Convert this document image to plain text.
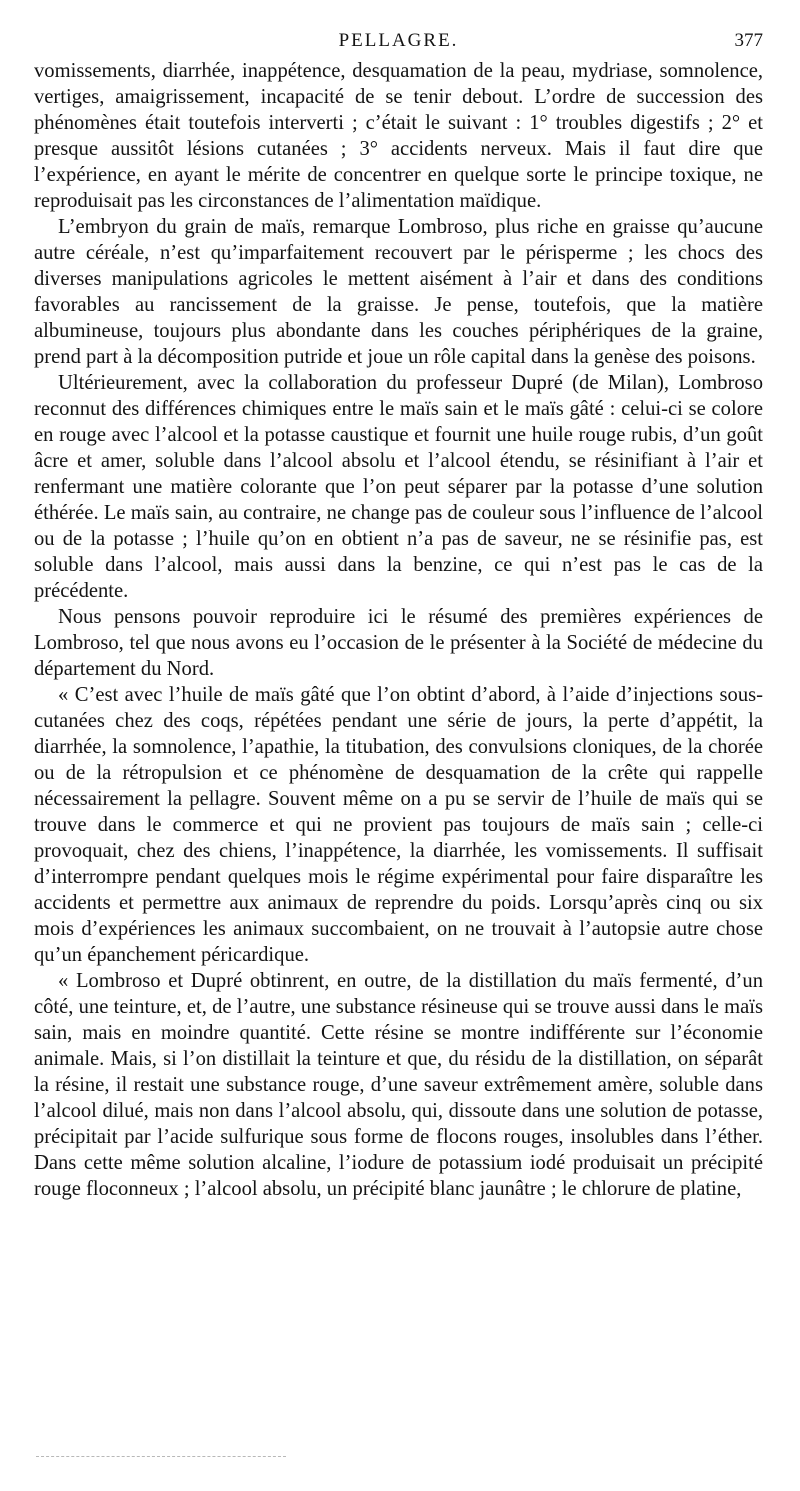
PELLAGRE.	377

vomissements, diarrhée, inappétence, desquamation de la peau, mydriase, somnolence, vertiges, amaigrissement, incapacité de se tenir debout. L’ordre de succession des phénomènes était toutefois interverti ; c’était le suivant : 1° troubles digestifs ; 2° et presque aussitôt lésions cutanées ; 3° accidents nerveux. Mais il faut dire que l’expérience, en ayant le mérite de concentrer en quelque sorte le principe toxique, ne reproduisait pas les circonstances de l’alimentation maïdique.

L’embryon du grain de maïs, remarque Lombroso, plus riche en graisse qu’aucune autre céréale, n’est qu’imparfaitement recouvert par le périsperme ; les chocs des diverses manipulations agricoles le mettent aisément à l’air et dans des conditions favorables au rancissement de la graisse. Je pense, toutefois, que la matière albumineuse, toujours plus abondante dans les couches périphériques de la graine, prend part à la décomposition putride et joue un rôle capital dans la genèse des poisons.

Ultérieurement, avec la collaboration du professeur Dupré (de Milan), Lombroso reconnut des différences chimiques entre le maïs sain et le maïs gâté : celui-ci se colore en rouge avec l’alcool et la potasse caustique et fournit une huile rouge rubis, d’un goût âcre et amer, soluble dans l’alcool absolu et l’alcool étendu, se résinifiant à l’air et renfermant une matière colorante que l’on peut séparer par la potasse d’une solution éthérée. Le maïs sain, au contraire, ne change pas de couleur sous l’influence de l’alcool ou de la potasse ; l’huile qu’on en obtient n’a pas de saveur, ne se résinifie pas, est soluble dans l’alcool, mais aussi dans la benzine, ce qui n’est pas le cas de la précédente.

Nous pensons pouvoir reproduire ici le résumé des premières expériences de Lombroso, tel que nous avons eu l’occasion de le présenter à la Société de médecine du département du Nord.

« C’est avec l’huile de maïs gâté que l’on obtint d’abord, à l’aide d’injections sous-cutanées chez des coqs, répétées pendant une série de jours, la perte d’appétit, la diarrhée, la somnolence, l’apathie, la titubation, des convulsions cloniques, de la chorée ou de la rétropulsion et ce phénomène de desquamation de la crête qui rappelle nécessairement la pellagre. Souvent même on a pu se servir de l’huile de maïs qui se trouve dans le commerce et qui ne provient pas toujours de maïs sain ; celle-ci provoquait, chez des chiens, l’inappétence, la diarrhée, les vomissements. Il suffisait d’interrompre pendant quelques mois le régime expérimental pour faire disparaître les accidents et permettre aux animaux de reprendre du poids. Lorsqu’après cinq ou six mois d’expériences les animaux succombaient, on ne trouvait à l’autopsie autre chose qu’un épanchement péricardique.

« Lombroso et Dupré obtinrent, en outre, de la distillation du maïs fermenté, d’un côté, une teinture, et, de l’autre, une substance résineuse qui se trouve aussi dans le maïs sain, mais en moindre quantité. Cette résine se montre indifférente sur l’économie animale. Mais, si l’on distillait la teinture et que, du résidu de la distillation, on séparât la résine, il restait une substance rouge, d’une saveur extrêmement amère, soluble dans l’alcool dilué, mais non dans l’alcool absolu, qui, dissoute dans une solution de potasse, précipitait par l’acide sulfurique sous forme de flocons rouges, insolubles dans l’éther. Dans cette même solution alcaline, l’iodure de potassium iodé produisait un précipité rouge floconneux ; l’alcool absolu, un précipité blanc jaunâtre ; le chlorure de platine,
